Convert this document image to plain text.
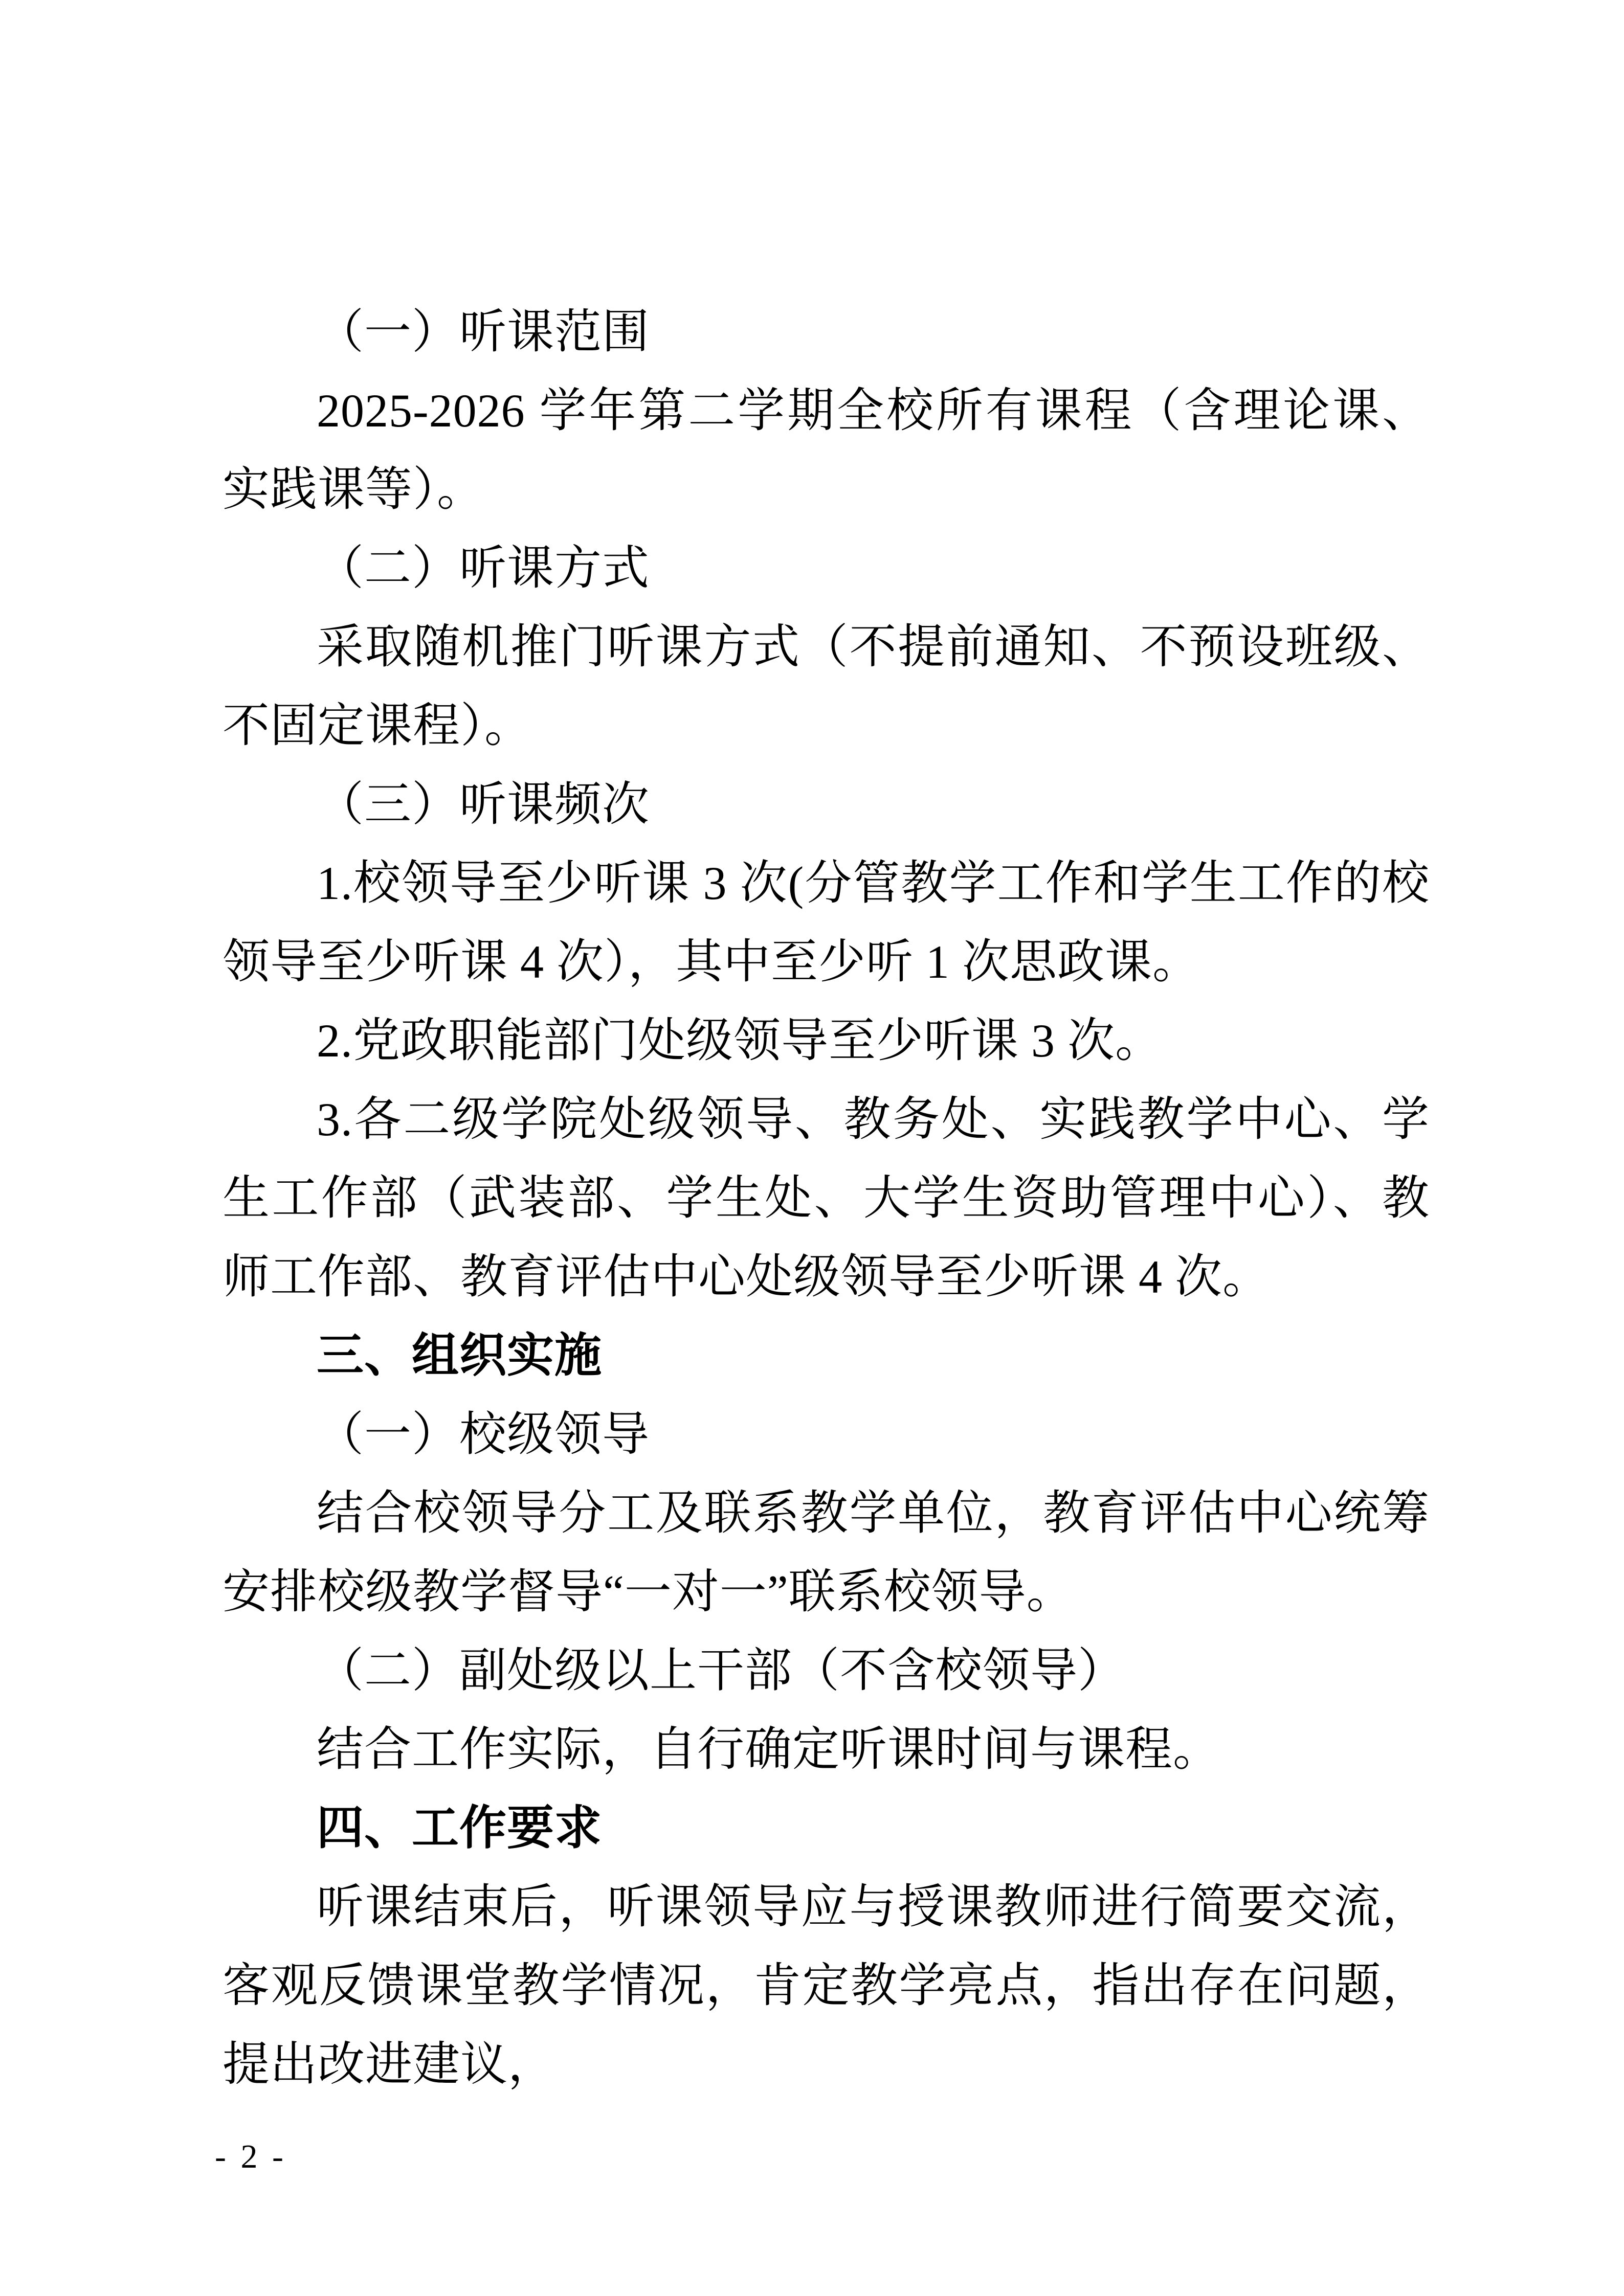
（一）听课范围

2025-2026 学年第二学期全校所有课程（含理论课、实践课等）。

（二）听课方式

采取随机推门听课方式（不提前通知、不预设班级、不固定课程）。

（三）听课频次

1.校领导至少听课 3 次(分管教学工作和学生工作的校领导至少听课 4 次），其中至少听 1 次思政课。

2.党政职能部门处级领导至少听课 3 次。

3.各二级学院处级领导、教务处、实践教学中心、学生工作部（武装部、学生处、大学生资助管理中心）、教师工作部、教育评估中心处级领导至少听课 4 次。

三、组织实施

（一）校级领导

结合校领导分工及联系教学单位，教育评估中心统筹安排校级教学督导“一对一”联系校领导。

（二）副处级以上干部（不含校领导）

结合工作实际，自行确定听课时间与课程。

四、工作要求

听课结束后，听课领导应与授课教师进行简要交流，客观反馈课堂教学情况，肯定教学亮点，指出存在问题，提出改进建议，

- 2 -
